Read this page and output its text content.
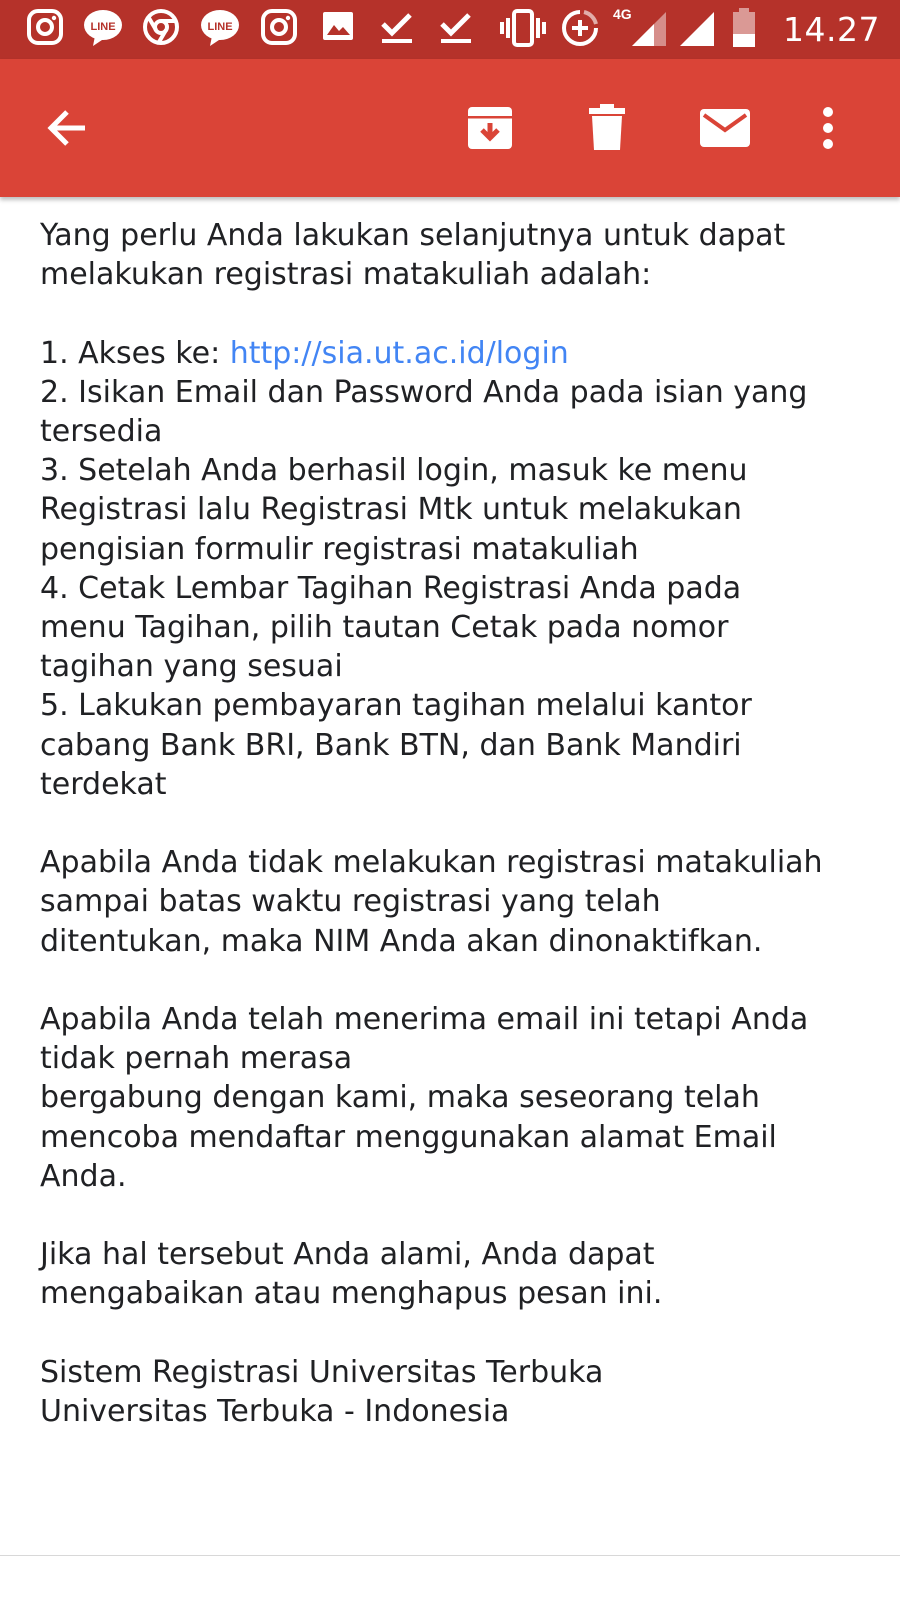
LINE	LINE
4G	14.27

Yang perlu Anda lakukan selanjutnya untuk dapat

melakukan registrasi matakuliah adalah:

1. Akses ke: http://sia.ut.ac.id/login

2. Isikan Email dan Password Anda pada isian yang

tersedia

3. Setelah Anda berhasil login, masuk ke menu

Registrasi lalu Registrasi Mtk untuk melakukan

pengisian formulir registrasi matakuliah

4. Cetak Lembar Tagihan Registrasi Anda pada

menu Tagihan, pilih tautan Cetak pada nomor

tagihan yang sesuai

5. Lakukan pembayaran tagihan melalui kantor

cabang Bank BRI, Bank BTN, dan Bank Mandiri

terdekat

Apabila Anda tidak melakukan registrasi matakuliah

sampai batas waktu registrasi yang telah

ditentukan, maka NIM Anda akan dinonaktifkan.

Apabila Anda telah menerima email ini tetapi Anda

tidak pernah merasa

bergabung dengan kami, maka seseorang telah

mencoba mendaftar menggunakan alamat Email

Anda.

Jika hal tersebut Anda alami, Anda dapat

mengabaikan atau menghapus pesan ini.

Sistem Registrasi Universitas Terbuka

Universitas Terbuka - Indonesia
